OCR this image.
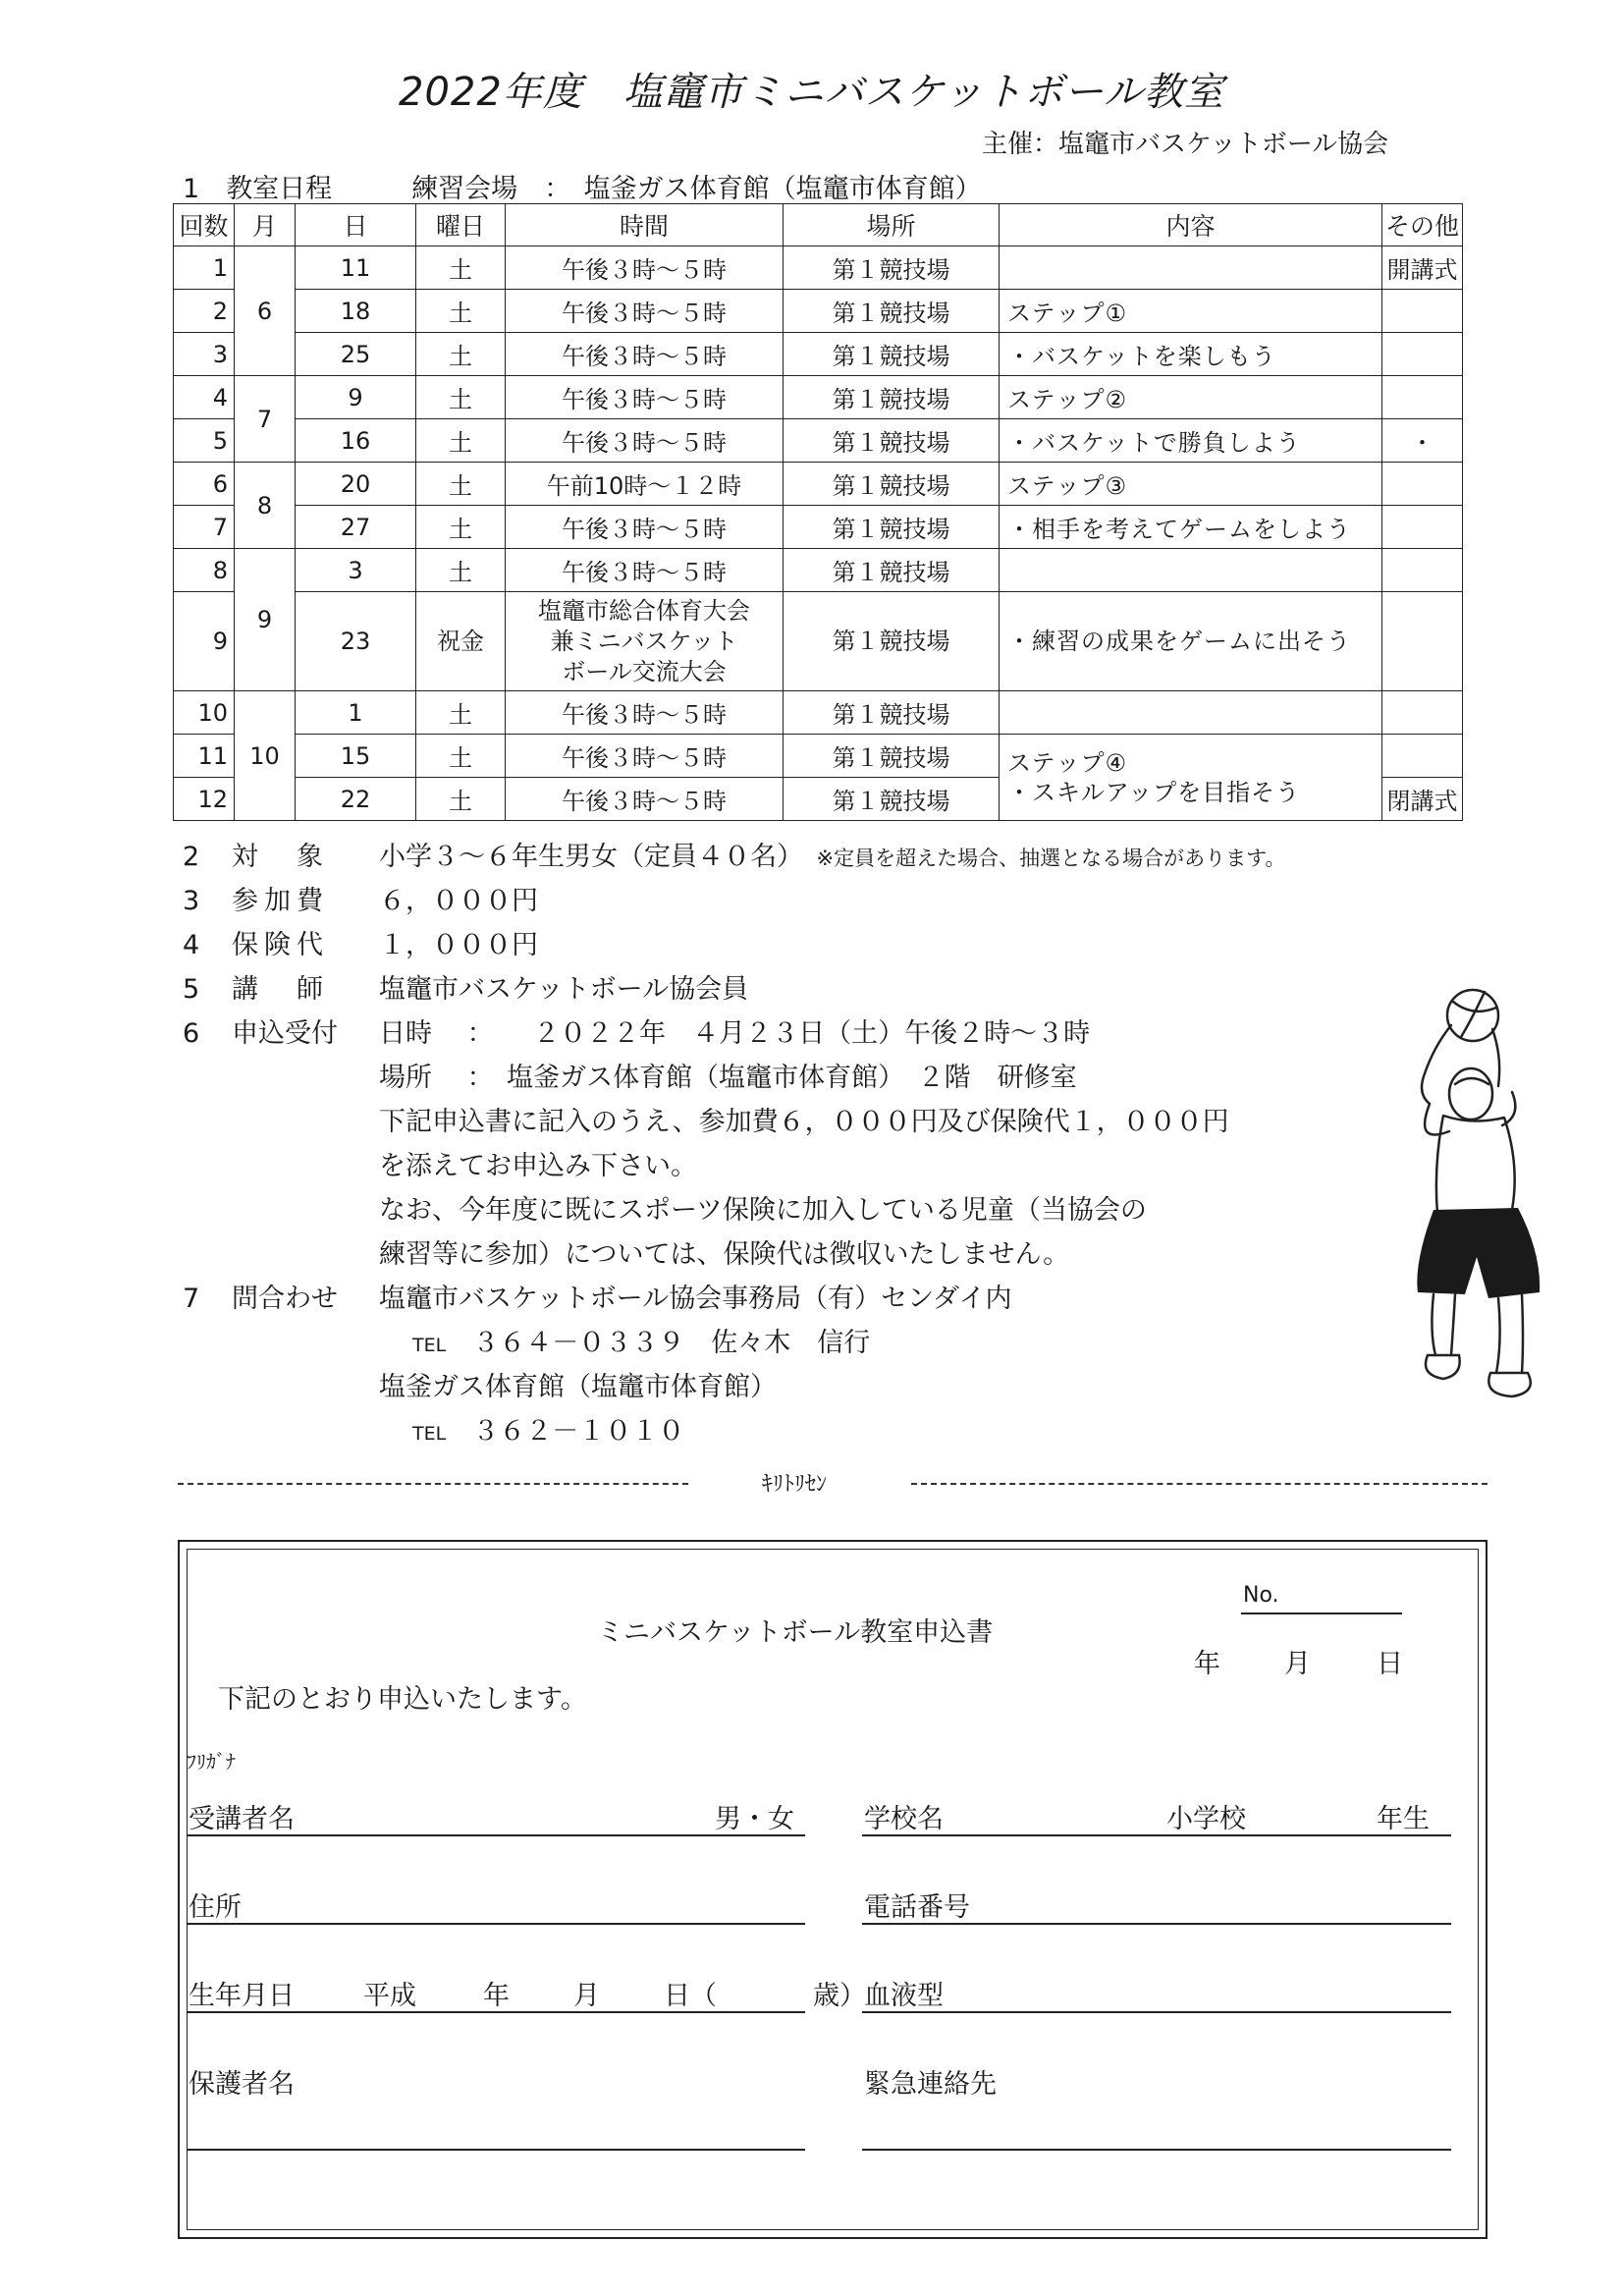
2022年度　塩竈市ミニバスケットボール教室
主催：塩竈市バスケットボール協会
1　 教室日程　　　	練習会場　 ：　 塩釜ガス体育館（塩竈市体育館）
回数	月	日	曜日	時間	場所	内容	その他
1	6	11	土	午後３時～５時	第１競技場		開講式
2		18	土	午後３時～５時	第１競技場	ステップ①	
3		25	土	午後３時～５時	第１競技場	・バスケットを楽しもう	
4	7	9	土	午後３時～５時	第１競技場	ステップ②	
5		16	土	午後３時～５時	第１競技場	・バスケットで勝負しよう	・
6	8	20	土	午前10時～１２時	第１競技場	ステップ③	
7		27	土	午後３時～５時	第１競技場	・相手を考えてゲームをしよう	
8	9	3	土	午後３時～５時	第１競技場		
9		23	祝金	塩竈市総合体育大会
兼ミニバスケット
ボール交流大会	第１競技場	・練習の成果をゲームに出そう	
10	10	1	土	午後３時～５時	第１競技場		
11		15	土	午後３時～５時	第１競技場	ステップ④
・スキルアップを目指そう	

12		22	土	午後３時～５時	第１競技場		閉講式
2 対　象 小学３～６年生男女（定員４０名）　 ※定員を超えた場合、抽選となる場合があります。
3 参加費 ６，０００円
4 保険代 １，０００円
5 講　師 塩竈市バスケットボール協会員
6 申込受付 日時　 ：　　 ２０２２年　４月２３日（土）午後２時～３時
場所　 ：　 塩釜ガス体育館（塩竈市体育館）　２階　研修室
下記申込書に記入のうえ、参加費６，０００円及び保険代１，０００円
を添えてお申込み下さい。
なお、今年度に既にスポーツ保険に加入している児童（当協会の
練習等に参加）については、保険代は徴収いたしません。
7 問合わせ 塩竈市バスケットボール協会事務局（有）センダイ内
TEL　 ３６４－０３３９　佐々木　信行
塩釜ガス体育館（塩竈市体育館）
TEL　 ３６２－１０１０
ｷﾘﾄﾘｾﾝ
No.
ミニバスケットボール教室申込書
年 月 日
下記のとおり申込いたします。
ﾌﾘｶﾞﾅ
受講者名	男・女	学校名	小学校	年生
住所	電話番号
生年月日	平成	年 月 日（	歳）
血液型
保護者名	緊急連絡先
